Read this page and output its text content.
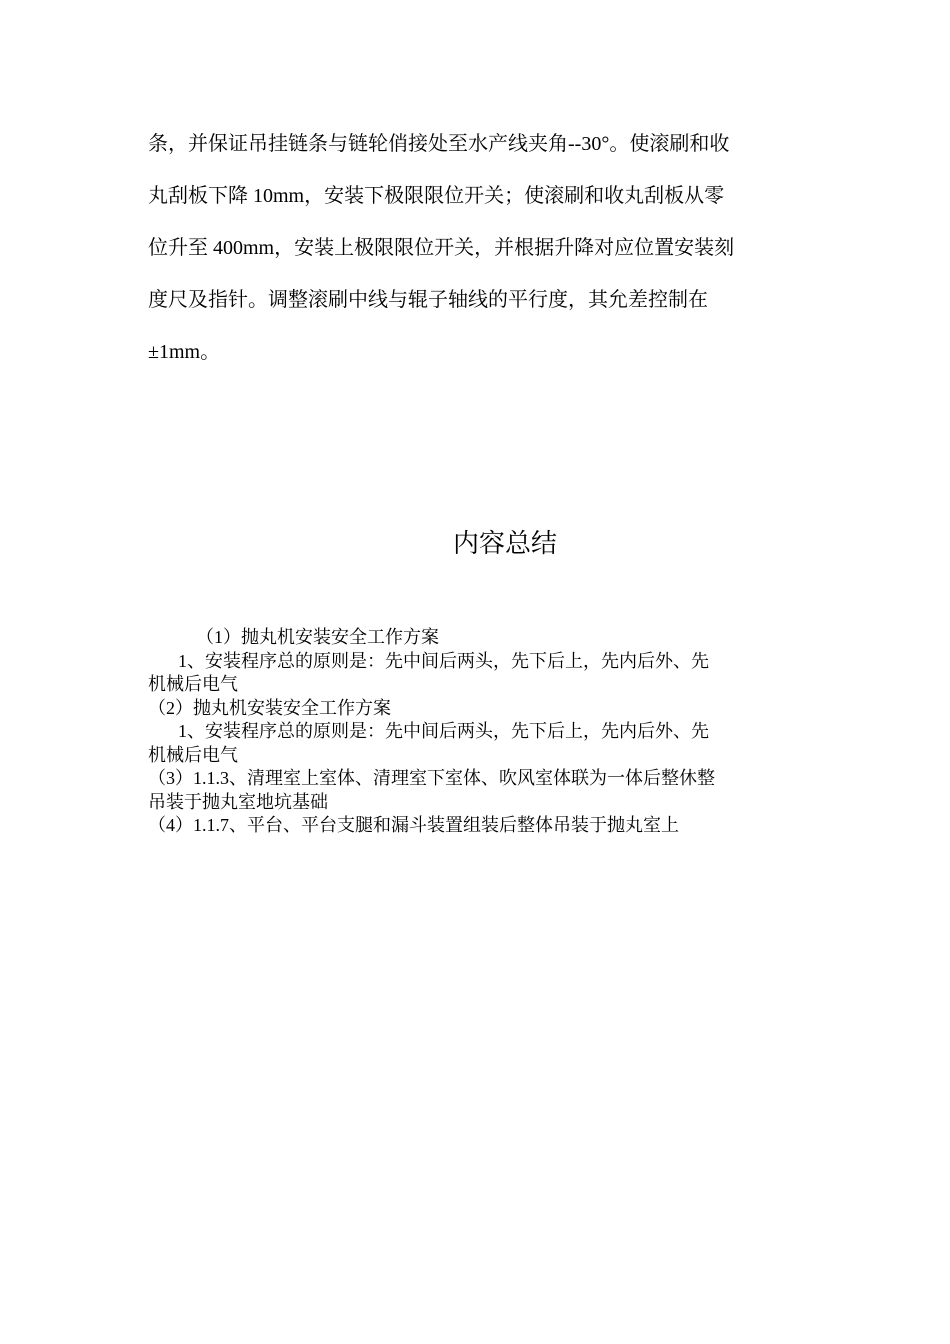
条，并保证吊挂链条与链轮俏接处至水产线夹角--30°。使滚刷和收
丸刮板下降 10mm，安装下极限限位开关；使滚刷和收丸刮板从零
位升至 400mm，安装上极限限位开关，并根据升降对应位置安装刻
度尺及指针。调整滚刷中线与辊子轴线的平行度，其允差控制在
±1mm。
内容总结
（1）抛丸机安装安全工作方案
1、安装程序总的原则是：先中间后两头，先下后上，先内后外、先
机械后电气
（2）抛丸机安装安全工作方案
1、安装程序总的原则是：先中间后两头，先下后上，先内后外、先
机械后电气
（3）1.1.3、清理室上室体、清理室下室体、吹风室体联为一体后整休整
吊装于抛丸室地坑基础
（4）1.1.7、平台、平台支腿和漏斗装置组装后整体吊装于抛丸室上
